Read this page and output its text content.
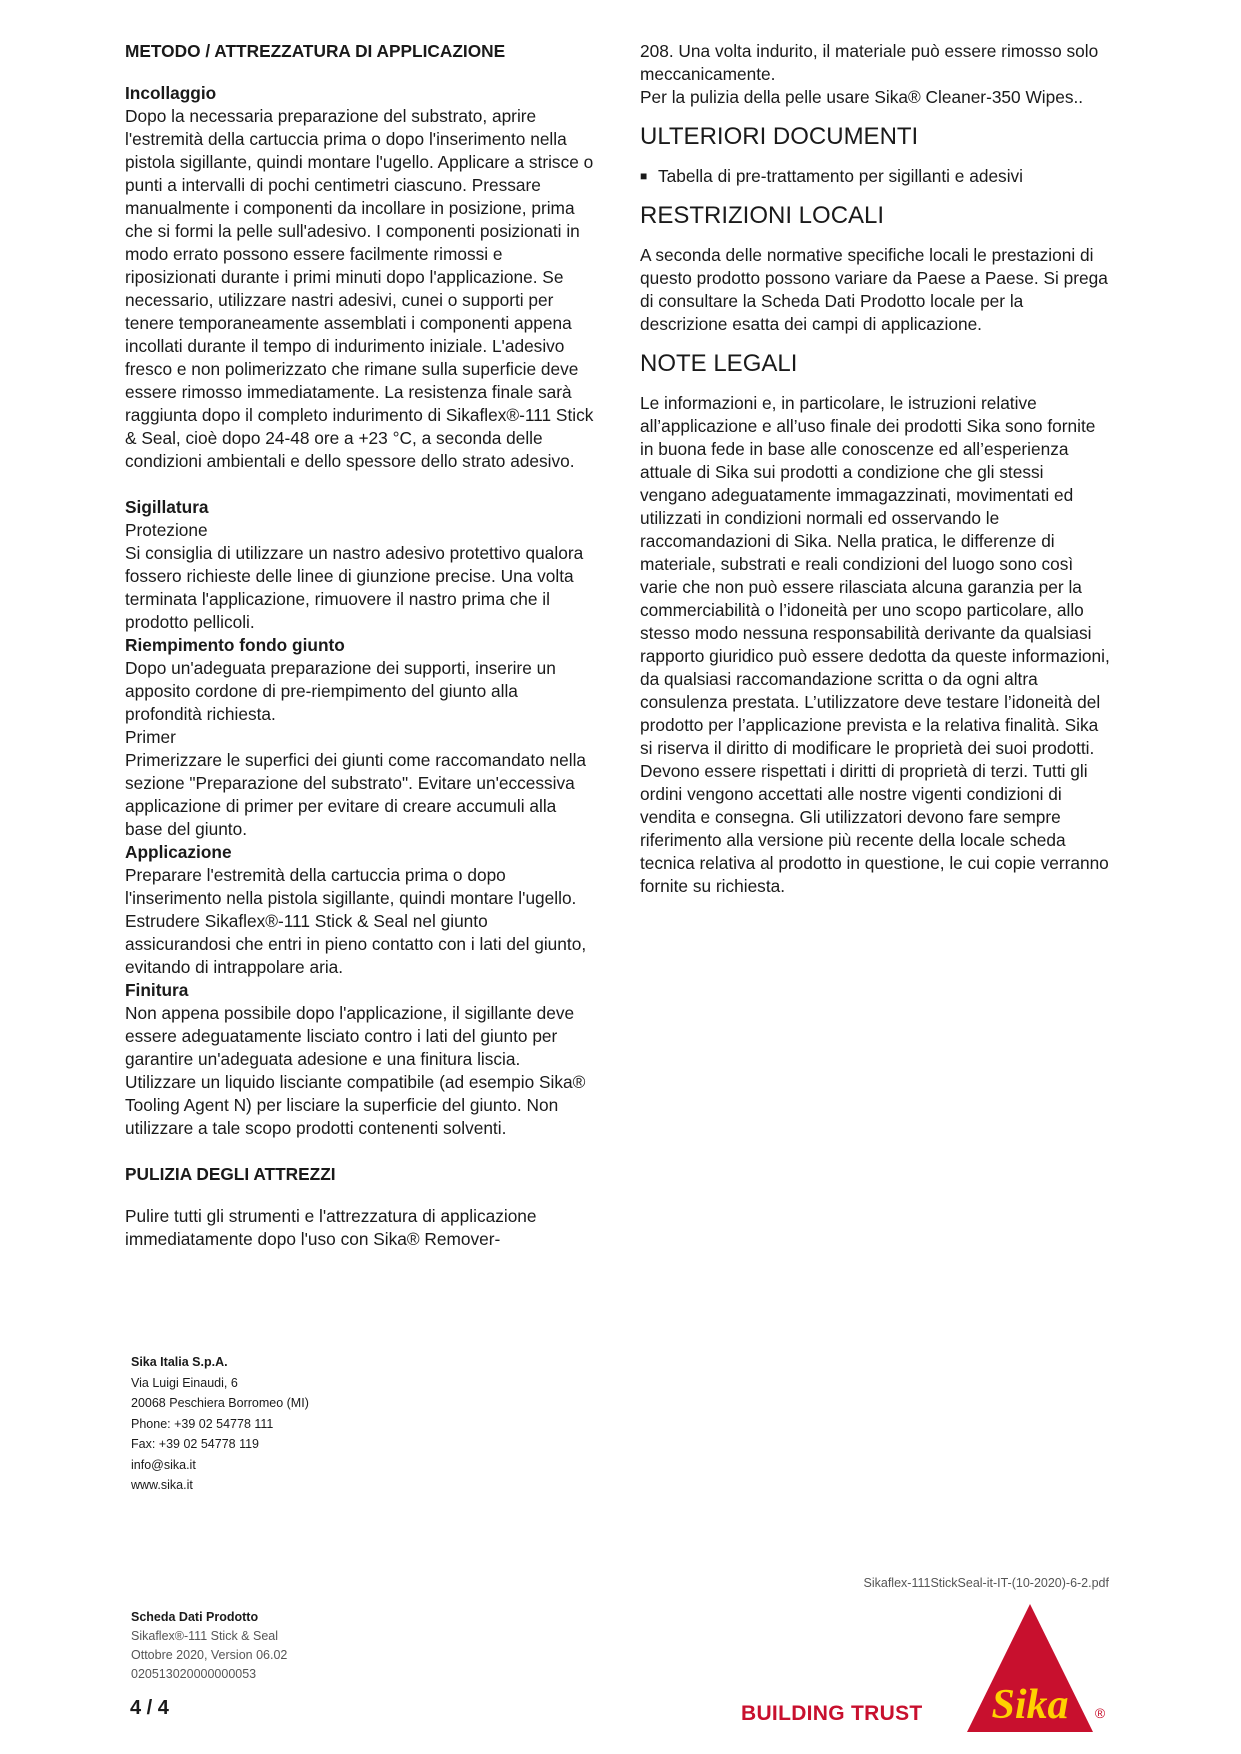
METODO / ATTREZZATURA DI APPLICAZIONE

Incollaggio

Dopo la necessaria preparazione del substrato, aprire l'estremità della cartuccia prima o dopo l'inserimento nella pistola sigillante, quindi montare l'ugello. Applicare a strisce o punti a intervalli di pochi centimetri ciascuno. Pressare manualmente i componenti da incollare in posizione, prima che si formi la pelle sull'adesivo. I componenti posizionati in modo errato possono essere facilmente rimossi e riposizionati durante i primi minuti dopo l'applicazione. Se necessario, utilizzare nastri adesivi, cunei o supporti per tenere temporaneamente assemblati i componenti appena incollati durante il tempo di indurimento iniziale. L'adesivo fresco e non polimerizzato che rimane sulla superficie deve essere rimosso immediatamente. La resistenza finale sarà raggiunta dopo il completo indurimento di Sikaflex®-111 Stick & Seal, cioè dopo 24-48 ore a +23 °C, a seconda delle condizioni ambientali e dello spessore dello strato adesivo.

Sigillatura

Protezione

Si consiglia di utilizzare un nastro adesivo protettivo qualora fossero richieste delle linee di giunzione precise. Una volta terminata l'applicazione, rimuovere il nastro prima che il prodotto pellicoli.

Riempimento fondo giunto

Dopo un'adeguata preparazione dei supporti, inserire un apposito cordone di pre-riempimento del giunto alla profondità richiesta.

Primer

Primerizzare le superfici dei giunti come raccomandato nella sezione "Preparazione del substrato". Evitare un'eccessiva applicazione di primer per evitare di creare accumuli alla base del giunto.

Applicazione

Preparare l'estremità della cartuccia prima o dopo l'inserimento nella pistola sigillante, quindi montare l'ugello. Estrudere Sikaflex®-111 Stick & Seal nel giunto assicurandosi che entri in pieno contatto con i lati del giunto, evitando di intrappolare aria.

Finitura

Non appena possibile dopo l'applicazione, il sigillante deve essere adeguatamente lisciato contro i lati del giunto per garantire un'adeguata adesione e una finitura liscia. Utilizzare un liquido lisciante compatibile (ad esempio Sika® Tooling Agent N) per lisciare la superficie del giunto. Non utilizzare a tale scopo prodotti contenenti solventi.

PULIZIA DEGLI ATTREZZI

Pulire tutti gli strumenti e l'attrezzatura di applicazione immediatamente dopo l'uso con Sika® Remover-

208. Una volta indurito, il materiale può essere rimosso solo meccanicamente.

Per la pulizia della pelle usare Sika® Cleaner-350 Wipes..

ULTERIORI DOCUMENTI

■ Tabella di pre-trattamento per sigillanti e adesivi

RESTRIZIONI LOCALI

A seconda delle normative specifiche locali le prestazioni di questo prodotto possono variare da Paese a Paese. Si prega di consultare la Scheda Dati Prodotto locale per la descrizione esatta dei campi di applicazione.

NOTE LEGALI

Le informazioni e, in particolare, le istruzioni relative all’applicazione e all’uso finale dei prodotti Sika sono fornite in buona fede in base alle conoscenze ed all’esperienza attuale di Sika sui prodotti a condizione che gli stessi vengano adeguatamente immagazzinati, movimentati ed utilizzati in condizioni normali ed osservando le raccomandazioni di Sika. Nella pratica, le differenze di materiale, substrati e reali condizioni del luogo sono così varie che non può essere rilasciata alcuna garanzia per la commerciabilità o l’idoneità per uno scopo particolare, allo stesso modo nessuna responsabilità derivante da qualsiasi rapporto giuridico può essere dedotta da queste informazioni, da qualsiasi raccomandazione scritta o da ogni altra consulenza prestata. L’utilizzatore deve testare l’idoneità del prodotto per l’applicazione prevista e la relativa finalità. Sika si riserva il diritto di modificare le proprietà dei suoi prodotti. Devono essere rispettati i diritti di proprietà di terzi. Tutti gli ordini vengono accettati alle nostre vigenti condizioni di vendita e consegna. Gli utilizzatori devono fare sempre riferimento alla versione più recente della locale scheda tecnica relativa al prodotto in questione, le cui copie verranno fornite su richiesta.

Sika Italia S.p.A.
Via Luigi Einaudi, 6
20068 Peschiera Borromeo (MI)
Phone: +39 02 54778 111
Fax: +39 02 54778 119
info@sika.it
www.sika.it
Sikaflex-111StickSeal-it-IT-(10-2020)-6-2.pdf
Scheda Dati Prodotto
Sikaflex®-111 Stick & Seal
Ottobre 2020, Version 06.02
020513020000000053
4 / 4	BUILDING TRUST Sika ®
